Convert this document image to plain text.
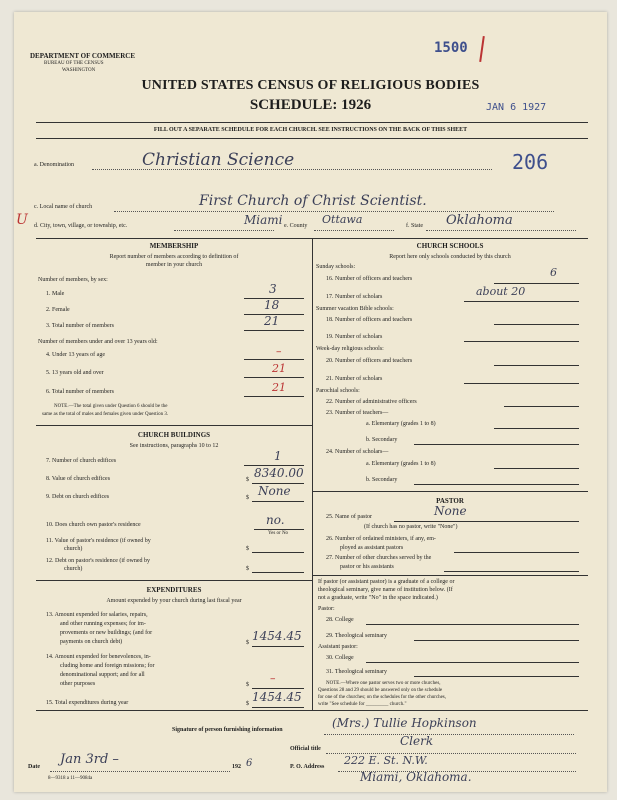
DEPARTMENT OF COMMERCE
BUREAU OF THE CENSUS
WASHINGTON
1500
UNITED STATES CENSUS OF RELIGIOUS BODIES
SCHEDULE: 1926	JAN 6 1927
FILL OUT A SEPARATE SCHEDULE FOR EACH CHURCH. SEE INSTRUCTIONS ON THE BACK OF THIS SHEET
a. Denomination	Christian Science	206
c. Local name of church	First Church of Christ Scientist.
U d. City, town, village, or township, etc.	Miami e. County Ottawa	f. State Oklahoma
MEMBERSHIP
Report number of members according to definition of
member in your church
Number of members, by sex:
1. Male	3
2. Female	18
3. Total number of members	21
Number of members under and over 13 years old:
4. Under 13 years of age	–
5. 13 years old and over	21
6. Total number of members	21
NOTE.—The total given under Question 6 should be the
same as the total of males and females given under Question 3.
CHURCH BUILDINGS
See instructions, paragraphs 10 to 12
7. Number of church edifices	1
8. Value of church edifices	$ 8340.00
9. Debt on church edifices	$ None
10. Does church own pastor's residence	no.
Yes or No
11. Value of pastor's residence (if owned by
church)	$
12. Debt on pastor's residence (if owned by
church)	$
EXPENDITURES
Amount expended by your church during last fiscal year
13. Amount expended for salaries, repairs,
and other running expenses; for im-
provements or new buildings; (and for
payments on church debt)	$ 1454.45
14. Amount expended for benevolences, in-
cluding home and foreign missions; for
denominational support; and for all
other purposes	$ –
15. Total expenditures during year	$ 1454.45
CHURCH SCHOOLS
Report here only schools conducted by this church
Sunday schools:
16. Number of officers and teachers	6
17. Number of scholars	about 20
Summer vacation Bible schools:
18. Number of officers and teachers
19. Number of scholars
Week-day religious schools:
20. Number of officers and teachers
21. Number of scholars
Parochial schools:
22. Number of administrative officers
23. Number of teachers—
a. Elementary (grades 1 to 8)
b. Secondary
24. Number of scholars—
a. Elementary (grades 1 to 8)
b. Secondary
PASTOR
25. Name of pastor	None
(If church has no pastor, write "None")
26. Number of ordained ministers, if any, em-
ployed as assistant pastors
27. Number of other churches served by the
pastor or his assistants
If pastor (or assistant pastor) is a graduate of a college or
theological seminary, give name of institution below. (If
not a graduate, write "No" in the space indicated.)
Pastor:
28. College
29. Theological seminary
Assistant pastor:
30. College
31. Theological seminary
NOTE.—Where one pastor serves two or more churches,
Questions 28 and 29 should be answered only on the schedule
for one of the churches; on the schedules for the other churches,
write "See schedule for _________ church."
Signature of person furnishing information	(Mrs.) Tullie Hopkinson
Official title
Clerk
Date Jan 3rd –	192 6	P. O. Address 222 E. St. N.W.
Miami, Oklahoma.
8—9318 a 11—9084a
